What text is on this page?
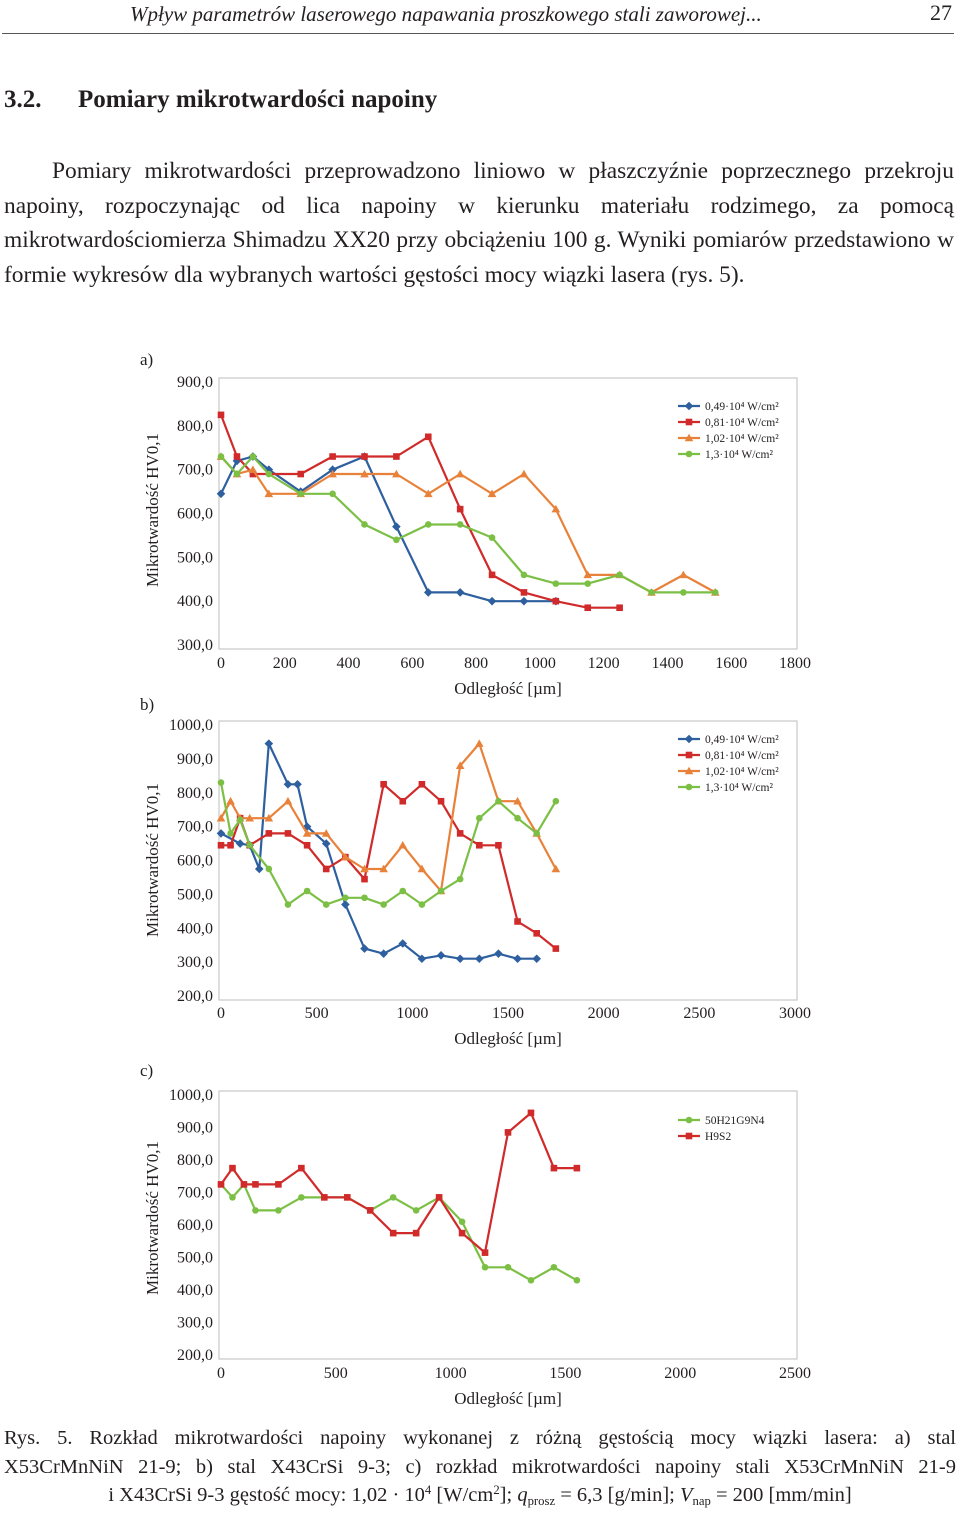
Wpływ parametrów laserowego napawania proszkowego stali zaworowej...	27
3.2. Pomiary mikrotwardości napoiny
Pomiary mikrotwardości przeprowadzono liniowo w płaszczyźnie poprzecznego przekroju napoiny, rozpoczynając od lica napoiny w kierunku materiału rodzimego, za pomocą mikrotwardościomierza Shimadzu XX20 przy obciążeniu 100 g. Wyniki pomiarów przedstawiono w formie wykresów dla wybranych wartości gęstości mocy wiązki lasera (rys. 5).
a)
300,0
400,0
500,0
600,0
700,0
800,0
900,0
0	200 400 600 800 1000 1200 1400 1600 1800
Odległość [µm]
Mikrotwardość HV0,1
0,49·10⁴ W/cm²
0,81·10⁴ W/cm²
1,02·10⁴ W/cm²
1,3·10⁴ W/cm²
b)
200,0
300,0
400,0
500,0
600,0
700,0
800,0
900,0
1000,0
0	500	1000	1500	2000	2500	3000
Odległość [µm]
Mikrotwardość HV0,1
0,49·10⁴ W/cm²
0,81·10⁴ W/cm²
1,02·10⁴ W/cm²
1,3·10⁴ W/cm²
c)
200,0
300,0
400,0
500,0
600,0
700,0
800,0
900,0
1000,0
0	500	1000	1500	2000	2500
Odległość [µm]
Mikrotwardość HV0,1
50H21G9N4
H9S2
Rys. 5. Rozkład mikrotwardości napoiny wykonanej z różną gęstością mocy wiązki lasera: a) stal
X53CrMnNiN 21-9; b) stal X43CrSi 9-3; c) rozkład mikrotwardości napoiny stali X53CrMnNiN 21-9
i X43CrSi 9-3 gęstość mocy: $1,02 \cdot 10^4$ $[W/cm^2]$; $q_{prosz} = 6,3$ [g/min]; $V_{nap} = 200$ [mm/min]
